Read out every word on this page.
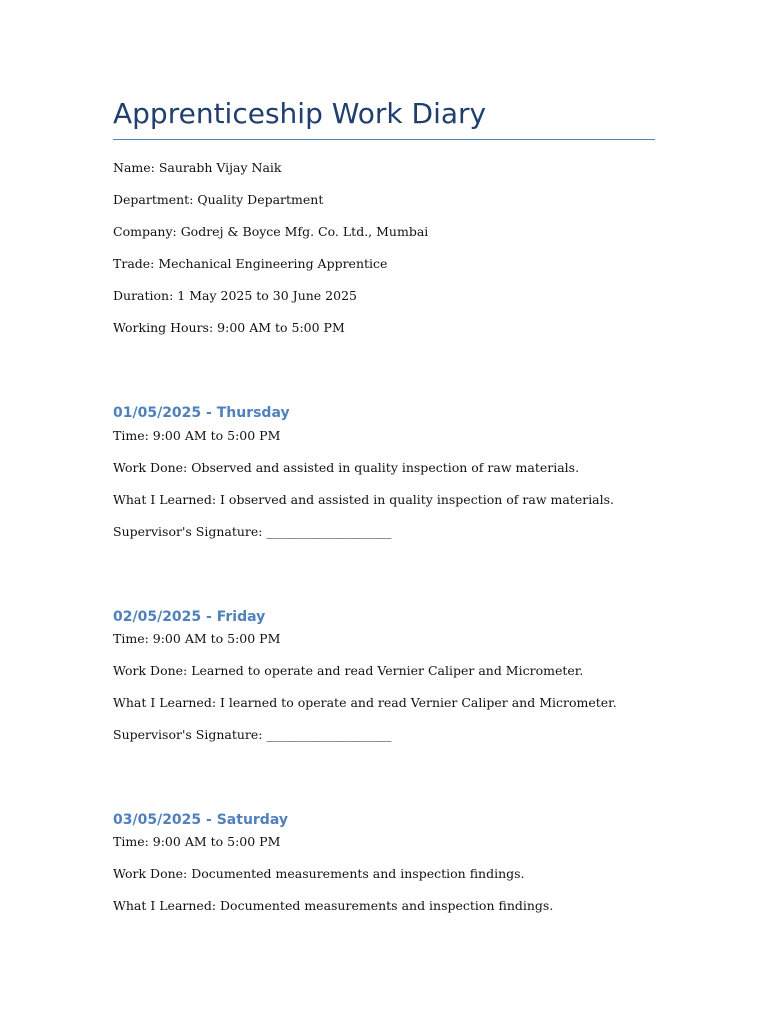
Apprenticeship Work Diary
Name: Saurabh Vijay Naik
Department: Quality Department
Company: Godrej & Boyce Mfg. Co. Ltd., Mumbai
Trade: Mechanical Engineering Apprentice
Duration: 1 May 2025 to 30 June 2025
Working Hours: 9:00 AM to 5:00 PM
01/05/2025 - Thursday
Time: 9:00 AM to 5:00 PM
Work Done: Observed and assisted in quality inspection of raw materials.
What I Learned: I observed and assisted in quality inspection of raw materials.
Supervisor's Signature: ____________________
02/05/2025 - Friday
Time: 9:00 AM to 5:00 PM
Work Done: Learned to operate and read Vernier Caliper and Micrometer.
What I Learned: I learned to operate and read Vernier Caliper and Micrometer.
Supervisor's Signature: ____________________
03/05/2025 - Saturday
Time: 9:00 AM to 5:00 PM
Work Done: Documented measurements and inspection findings.
What I Learned: Documented measurements and inspection findings.
